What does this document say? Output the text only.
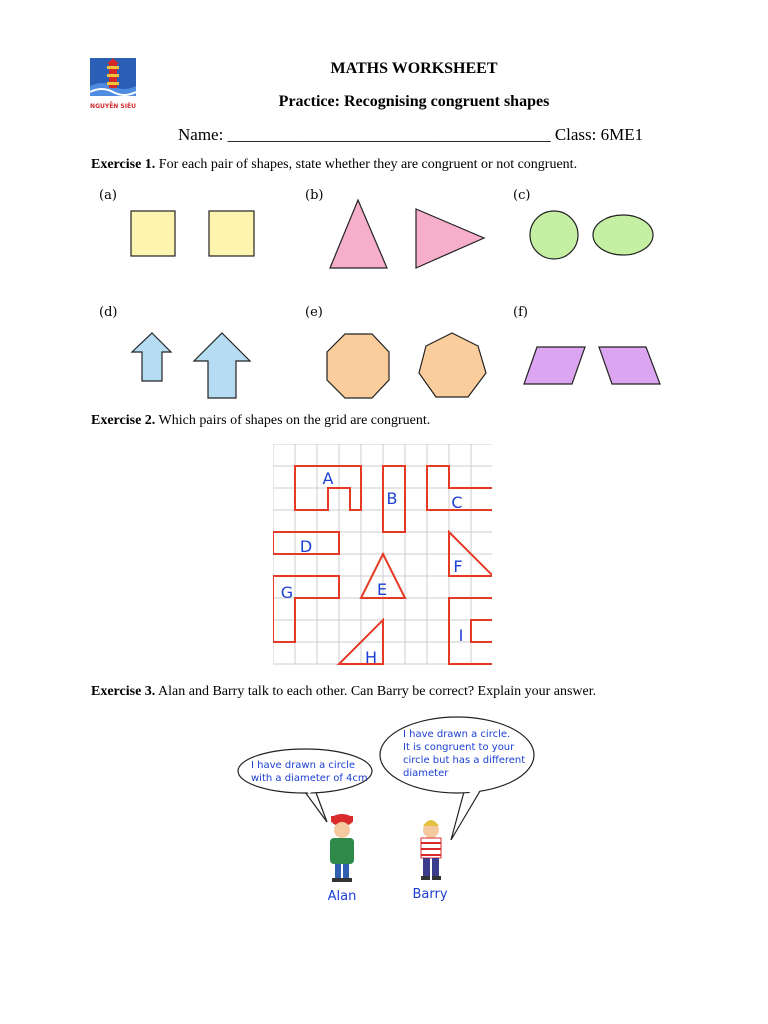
NGUYỄN SIÊU
MATHS WORKSHEET
Practice: Recognising congruent shapes
Name: ______________________________________ Class: 6ME1
Exercise 1. For each pair of shapes, state whether they are congruent or not congruent.
(a)	(b)	(c)
(d)	(e)	(f)
Exercise 2. Which pairs of shapes on the grid are congruent.
A
B	C
D
E
F
G
H
I
Exercise 3. Alan and Barry talk to each other. Can Barry be correct? Explain your answer.
I have drawn a circle
with a diameter of 4cm
I have drawn a circle.
It is congruent to your
circle but has a different
diameter
Alan	Barry
